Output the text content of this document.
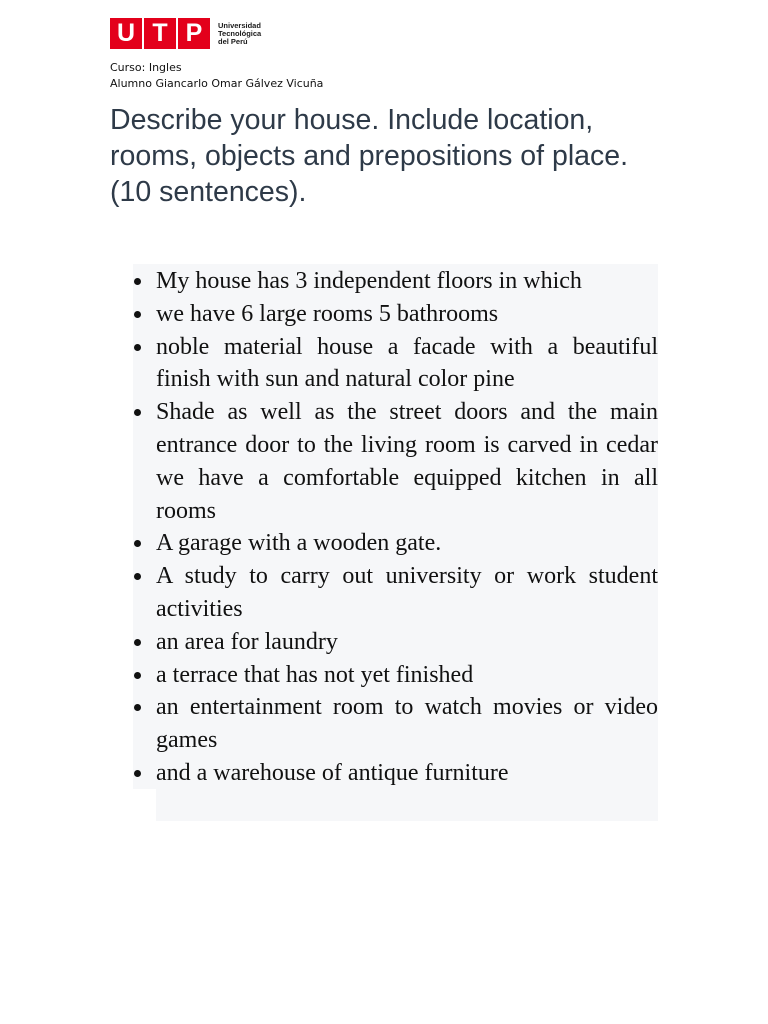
U T P	Universidad
Tecnológica
del Perú
Curso: Ingles
Alumno Giancarlo Omar Gálvez Vicuña
Describe your house. Include location, rooms, objects and prepositions of place. (10 sentences).
My house has 3 independent floors in which
we have 6 large rooms 5 bathrooms
noble material house a facade with a beautiful finish with sun and natural color pine
Shade as well as the street doors and the main entrance door to the living room is carved in cedar we have a comfortable equipped kitchen in all rooms
A garage with a wooden gate.
A study to carry out university or work student activities
an area for laundry
a terrace that has not yet finished
an entertainment room to watch movies or video games
and a warehouse of antique furniture
